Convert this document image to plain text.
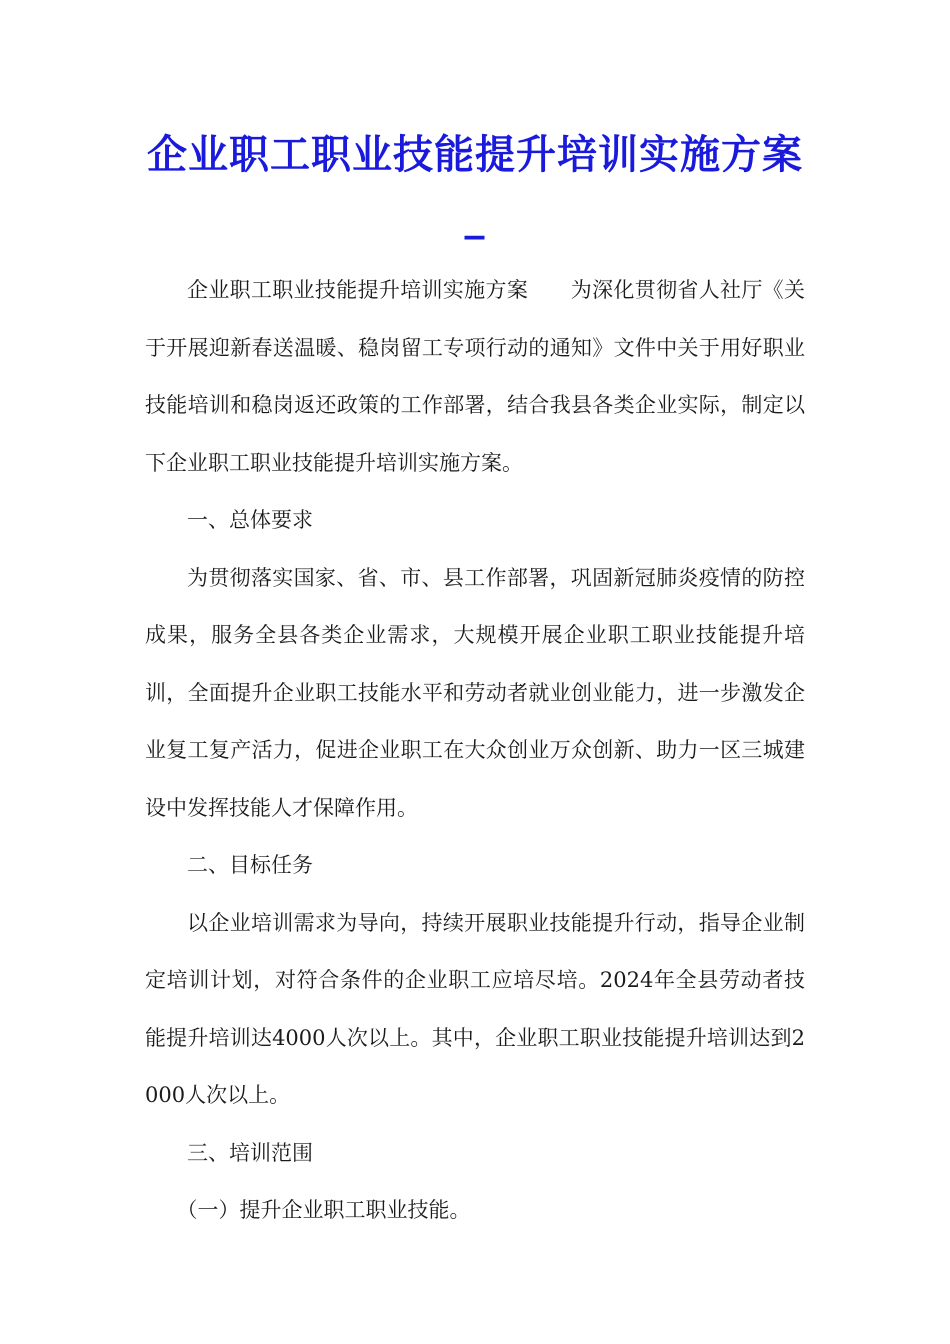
企业职工职业技能提升培训实施方案_

企业职工职业技能提升培训实施方案　　为深化贯彻省人社厅《关于开展迎新春送温暖、稳岗留工专项行动的通知》文件中关于用好职业技能培训和稳岗返还政策的工作部署，结合我县各类企业实际，制定以下企业职工职业技能提升培训实施方案。

一、总体要求

为贯彻落实国家、省、市、县工作部署，巩固新冠肺炎疫情的防控成果，服务全县各类企业需求，大规模开展企业职工职业技能提升培训，全面提升企业职工技能水平和劳动者就业创业能力，进一步激发企业复工复产活力，促进企业职工在大众创业万众创新、助力一区三城建设中发挥技能人才保障作用。

二、目标任务

以企业培训需求为导向，持续开展职业技能提升行动，指导企业制定培训计划，对符合条件的企业职工应培尽培。2024年全县劳动者技能提升培训达4000人次以上。其中，企业职工职业技能提升培训达到2000人次以上。

三、培训范围

（一）提升企业职工职业技能。
